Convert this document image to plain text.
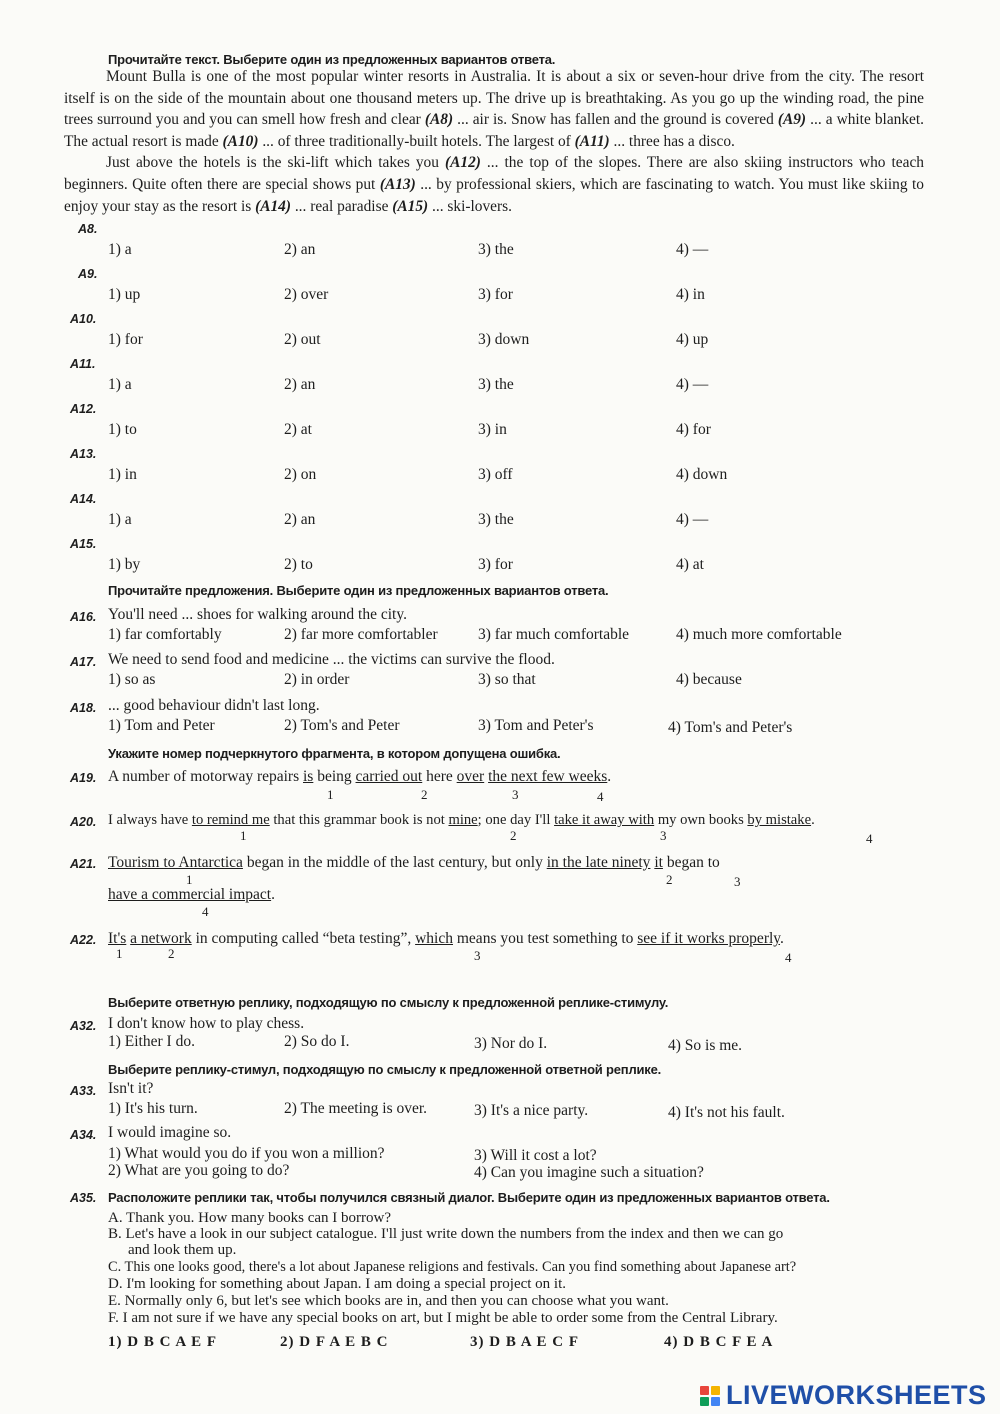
Прочитайте текст. Выберите один из предложенных вариантов ответа.
Mount Bulla is one of the most popular winter resorts in Australia. It is about a six or seven-hour drive from the city. The resort itself is on the side of the mountain about one thousand meters up. The drive up is breathtaking. As you go up the winding road, the pine trees surround you and you can smell how fresh and clear (A8) ... air is. Snow has fallen and the ground is covered (A9) ... a white blanket. The actual resort is made (A10) ... of three traditionally-built hotels. The largest of (A11) ... three has a disco.
Just above the hotels is the ski-lift which takes you (A12) ... the top of the slopes. There are also skiing instructors who teach beginners. Quite often there are special shows put (A13) ... by professional skiers, which are fascinating to watch. You must like skiing to enjoy your stay as the resort is (A14) ... real paradise (A15) ... ski-lovers.
A8.
1) a	2) an	3) the	4) —
A9.
1) up	2) over	3) for	4) in
A10.
1) for	2) out	3) down	4) up
A11.
1) a	2) an	3) the	4) —
A12.
1) to	2) at	3) in	4) for
A13.
1) in	2) on	3) off	4) down
A14.
1) a	2) an	3) the	4) —
A15.
1) by	2) to	3) for	4) at
Прочитайте предложения. Выберите один из предложенных вариантов ответа.
A16. You'll need ... shoes for walking around the city.
1) far comfortably	2) far more comfortabler	3) far much comfortable	4) much more comfortable
A17. We need to send food and medicine ... the victims can survive the flood.
1) so as	2) in order	3) so that	4) because
A18. ... good behaviour didn't last long.
1) Tom and Peter	2) Tom's and Peter	3) Tom and Peter's	4) Tom's and Peter's
Укажите номер подчеркнутого фрагмента, в котором допущена ошибка.
A19. A number of motorway repairs is being carried out here over the next few weeks.
1	2	3	4
A20. I always have to remind me that this grammar book is not mine; one day I'll take it away with my own books by mistake.
1	2	3	4
A21. Tourism to Antarctica began in the middle of the last century, but only in the late ninety it began to
1	2	3
have a commercial impact.
4
A22. It's a network in computing called “beta testing”, which means you test something to see if it works properly.
1	2	3	4
Выберите ответную реплику, подходящую по смыслу к предложенной реплике-стимулу.
A32. I don't know how to play chess.
1) Either I do.	2) So do I.	3) Nor do I.	4) So is me.
Выберите реплику-стимул, подходящую по смыслу к предложенной ответной реплике.
A33. Isn't it?
1) It's his turn.	2) The meeting is over.	3) It's a nice party.	4) It's not his fault.
A34. I would imagine so.
1) What would you do if you won a million?
2) What are you going to do?
3) Will it cost a lot?
4) Can you imagine such a situation?
A35. Расположите реплики так, чтобы получился связный диалог. Выберите один из предложенных вариантов ответа.
A. Thank you. How many books can I borrow?
B. Let's have a look in our subject catalogue. I'll just write down the numbers from the index and then we can go
and look them up.
C. This one looks good, there's a lot about Japanese religions and festivals. Can you find something about Japanese art?
D. I'm looking for something about Japan. I am doing a special project on it.
E. Normally only 6, but let's see which books are in, and then you can choose what you want.
F. I am not sure if we have any special books on art, but I might be able to order some from the Central Library.
1) D B C A E F	2) D F A E B C	3) D B A E C F	4) D B C F E A
LIVEWORKSHEETS
